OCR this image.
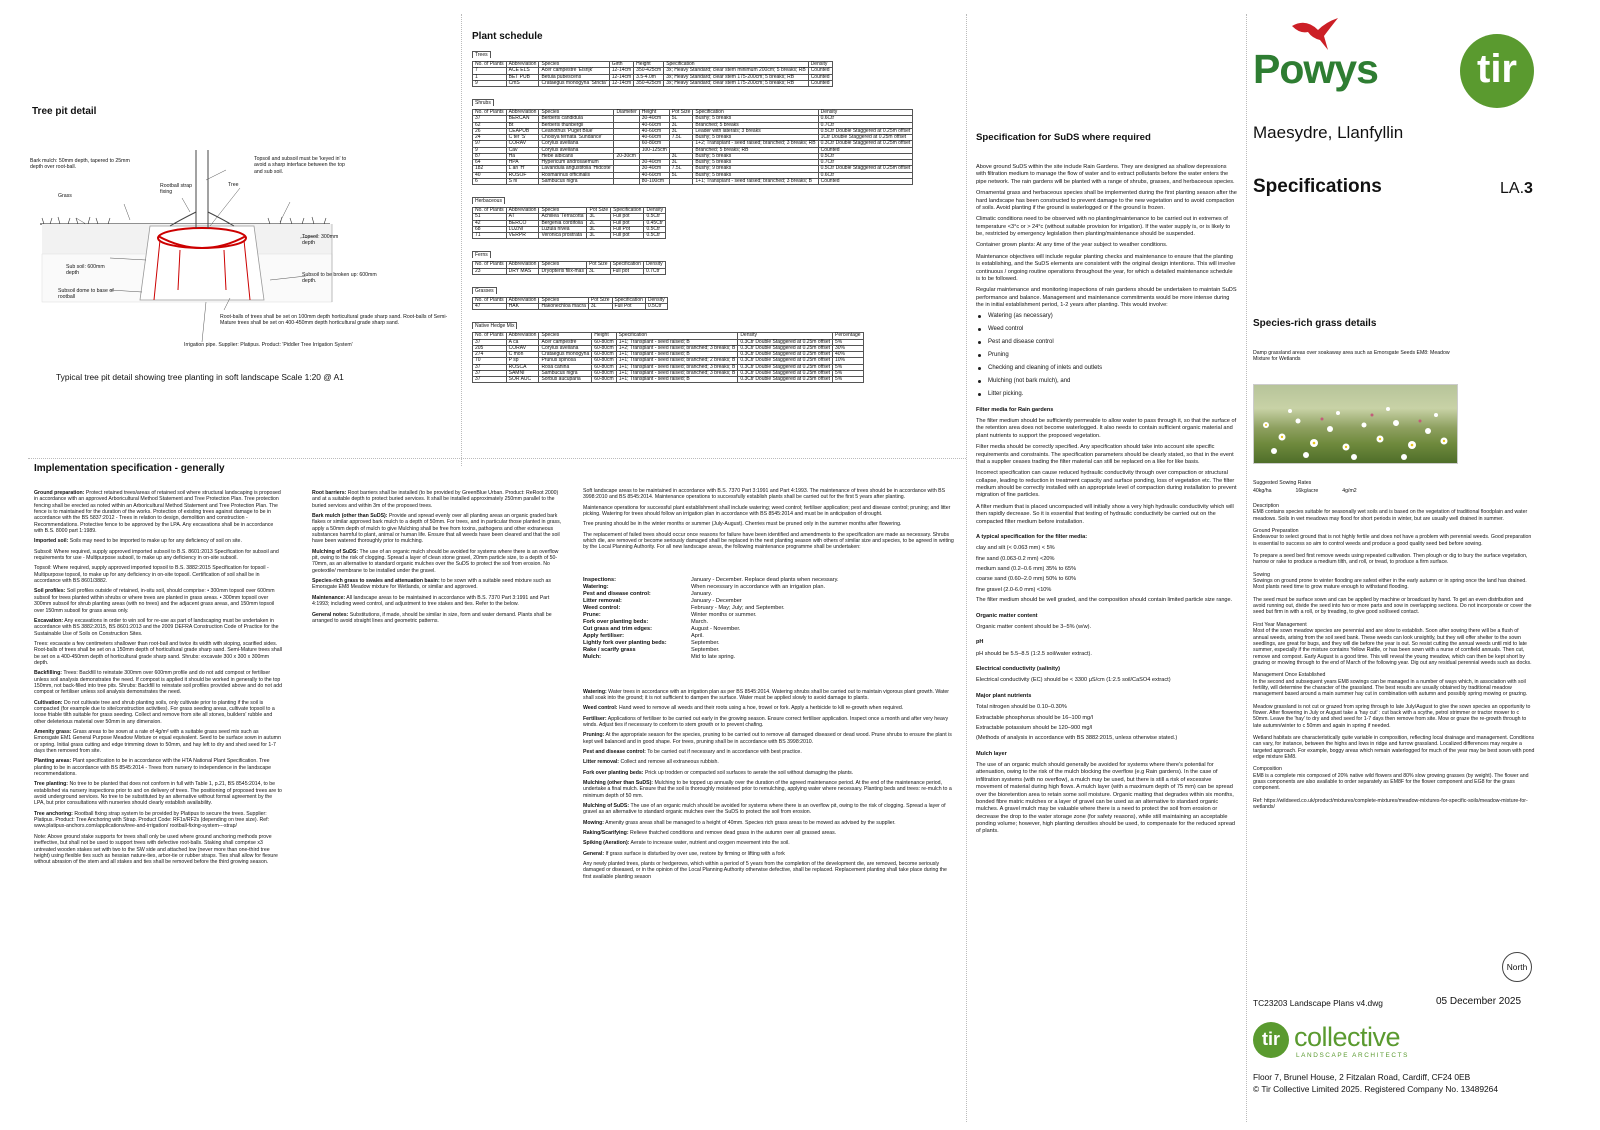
Tree pit detail
Bark mulch: 50mm depth, tapered to 25mm depth over root-ball.
Grass
Rootball strap fixing
Tree
Topsoil and subsoil must be 'keyed in' to avoid a sharp interface between the top and sub soil.
Topsoil: 300mm depth
Sub soil: 600mm depth
Subsoil dome to base of rootball
Subsoil to be broken up: 600mm depth.
Root-balls of trees shall be set on 100mm depth horticultural grade sharp sand. Root-balls of Semi-Mature trees shall be set on 400-450mm depth horticultural grade sharp sand.
Irrigation pipe. Supplier: Platipus. Product: 'Piddler Tree Irrigation System'
Typical tree pit detail showing tree planting in soft landscape Scale 1:20 @ A1
Plant schedule
Trees
No. of Plants	Abbreviation	Species	Girth	Height	Specification	Density
7	ACE ELS	Acer campestre 'Elsrijk'	12-14cm	350-425cm	3x; Heavy Standard; clear stem minimum 200cm; 5 breaks; RB	Counted
1	BET PUB	Betula pubescens	12-14cm	3.5-4.0m	3x; Heavy Standard; clear stem 175-200cm; 5 breaks; RB	Counted
9	CmS	Crataegus monogyna 'Stricta'	12-14cm	350-425cm	3x; Heavy Standard; clear stem 175-200cm; 5 breaks; RB	Counted
Shrubs
No. of Plants	Abbreviation	Species	Diameter	Height	Pot Size	Specification	Density
37	BERCAN	Berberis candidula		30-40cm	5L	Bushy; 5 breaks	0.6Ctr
62	Bt	Berberis thunbergii		40-60cm	3L	Branched; 5 breaks	0.7Ctr
26	CEAPUB	Ceanothus 'Puget Blue'		40-60cm	3L	Leader with laterals; 3 breaks	0.5Ctr Double Staggered at 0.25m offset
24	C ter 'S'	Choisya ternata 'Sundance'		40-60cm	7.5L	Bushy; 5 breaks	1Ctr Double Staggered at 0.25m offset
97	CORAV	Corylus avellana		60-80cm		1+2; Transplant - seed raised; branched; 3 breaks; RB	0.3Ctr Double Staggered at 0.25m offset
9	Cav	Corylus avellana		100-125cm		Branched; 5 breaks; RB	Counted
87	Ha	Hebe albicans	20-30cm		3L	Bushy; 5 breaks	0.5Ctr
64	HPA	Hypericum androsaemum		30-40cm	3L	Bushy; 5 breaks	0.7Ctr
182	L an 'H'	Lavandula angustifolia 'Hidcote'		30-40cm	7.5L	Bushy; 9 breaks	0.5Ctr Double Staggered at 0.25m offset
40	ROSOF	Rosmarinus officinalis		40-60cm	5L	Bushy; 5 breaks	0.6Ctr
6	S ni	Sambucus nigra		80-100cm		1+1; Transplant - seed raised; branched; 3 breaks; B	Counted
Herbaceous
No. of Plants	Abbreviation	Species	Pot Size	Specification	Density
51	AT	Achillea 'Terracotta'	3L	Full pot	0.5Ctr
42	BERCO	Bergenia cordifolia	2L	Full pot	0.45Ctr
68	LUZNI	Luzula nivea	3L	Full Pot	0.5Ctr
71	VERPR	Veronica prostrata	3L	Full pot	0.5Ctr
Ferns
No. of Plants	Abbreviation	Species	Pot Size	Specification	Density
23	DRY MAS	Dryopteris filix-mas	3L	Full pot	0.7Ctr
Grasses
No. of Plants	Abbreviation	Species	Pot Size	Specification	Density
47	HAK	Hakonechloa macra	3L	Full Pot	0.5Ctr
Native Hedge Mix
No. of Plants	Abbreviation	Species	Height	Specification	Density	Percentage
37	A ca	Acer campestre	60-80cm	1+1; Transplant - seed raised; B	0.3Ctr Double Staggered at 0.25m offset	5%
205	CORAV	Corylus avellana	60-80cm	1+2; Transplant - seed raised; branched; 3 breaks; B	0.3Ctr Double Staggered at 0.25m offset	30%
274	C mon	Crataegus monogyna	60-80cm	1+1; Transplant - seed raised; B	0.3Ctr Double Staggered at 0.25m offset	40%
70	P sp	Prunus spinosa	60-80cm	1+1; Transplant - seed raised; branched; 2 breaks; B	0.3Ctr Double Staggered at 0.25m offset	10%
37	ROSCA	Rosa canina	60-80cm	1+1; Transplant - seed raised; branched; 3 breaks; B	0.3Ctr Double Staggered at 0.25m offset	5%
37	SAMNI	Sambucus nigra	60-80cm	1+1; Transplant - seed raised; branched; 3 breaks; B	0.3Ctr Double Staggered at 0.25m offset	5%
37	SOR AUC	Sorbus aucuparia	60-80cm	1+1; Transplant - seed raised; B	0.3Ctr Double Staggered at 0.25m offset	5%
Implementation specification - generally
Ground preparation: Protect retained trees/areas of retained soil where structural landscaping is proposed in accordance with an approved Arboricultural Method Statement and Tree Protection Plan. Tree protection fencing shall be erected as noted within an Arboricultural Method Statement and Tree Protection Plan. The fence is to maintained for the duration of the works. Protection of existing trees against damage to be in accordance with the BS 5837:2012 - Trees in relation to design, demolition and construction - Recommendations. Protective fence to be approved by the LPA. Any excavations shall be in accordance with B.S. 8000 part 1:1989.
Imported soil: Soils may need to be imported to make up for any deficiency of soil on site.
Subsoil: Where required, supply approved imported subsoil to B.S. 8601:2013 Specification for subsoil and requirements for use - Multipurpose subsoil, to make up any deficiency in on-site subsoil.
Topsoil: Where required, supply approved imported topsoil to B.S. 3882:2015 Specification for topsoil - Multipurpose topsoil, to make up for any deficiency in on-site topsoil. Certification of soil shall be in accordance with BS 8601/3882.
Soil profiles: Soil profiles outside of retained, in-situ soil, should comprise: • 300mm topsoil over 600mm subsoil for trees planted within shrubs or where trees are planted in grass areas. • 300mm topsoil over 300mm subsoil for shrub planting areas (with no trees) and the adjacent grass areas, and 150mm topsoil over 150mm subsoil for grass areas only.
Excavation: Any excavations in order to win soil for re-use as part of landscaping must be undertaken in accordance with BS 3882:2015, BS 8601:2013 and the 2009 DEFRA Construction Code of Practice for the Sustainable Use of Soils on Construction Sites.
Trees: excavate a few centimeters shallower than root-ball and twice its width with sloping, scarified sides. Root-balls of trees shall be set on a 150mm depth of horticultural grade sharp sand. Semi-Mature trees shall be set on a 400-450mm depth of horticultural grade sharp sand. Shrubs: excavate 300 x 300 x 300mm depth.
Backfilling: Trees: Backfill to reinstate 300mm over 600mm profile and do not add compost or fertiliser unless soil analysis demonstrates the need. If compost is applied it should be worked in generally to the top 150mm, not back-filled into tree pits. Shrubs: Backfill to reinstate soil profiles provided above and do not add compost or fertiliser unless soil analysis demonstrates the need.
Cultivation: Do not cultivate tree and shrub planting soils, only cultivate prior to planting if the soil is compacted (for example due to site/construction activities). For grass seeding areas, cultivate topsoil to a loose friable tilth suitable for grass seeding. Collect and remove from site all stones, builders' rubble and other deleterious material over 50mm in any dimension.
Amenity grass: Grass areas to be sown at a rate of 4g/m² with a suitable grass seed mix such as Emorsgate EM1 General Purpose Meadow Mixture or equal equivalent. Seed to be surface sown in autumn or spring. Initial grass cutting and edge trimming down to 50mm, and hay left to dry and shed seed for 1-7 days then removed from site.
Planting areas: Plant specification to be in accordance with the HTA National Plant Specification. Tree planting to be in accordance with BS 8545:2014 - Trees from nursery to independence in the landscape recommendations.
Tree planting: No tree to be planted that does not conform in full with Table 1, p.21, BS 8545:2014, to be established via nursery inspections prior to and on delivery of trees. The positioning of proposed trees are to avoid underground services. No tree to be substituted by an alternative without formal agreement by the LPA, but prior consultations with nurseries should clearly establish availability.
Tree anchoring: Rootball fixing strap system to be provided by Platipus to secure the trees. Supplier: Platipus. Product: Tree Anchoring with Strap. Product Code: RF1s/RF2s (depending on tree size). Ref: www.platipus-anchors.com/applications/tree-and-irrigation/ rootball-fixing-system---strap/
Note: Above ground stake supports for trees shall only be used where ground anchoring methods prove ineffective, but shall not be used to support trees with defective root-balls. Staking shall comprise x3 untreated wooden stakes set with two to the SW side and attached low (never more than one-third tree height) using flexible ties such as hessian nature-ties, arbor-tie or rubber straps. Ties shall allow for flexure without abrasion of the stem and all stakes and ties shall be removed before the third growing season.
Root barriers: Root barriers shall be installed (to be provided by GreenBlue Urban. Product: ReRoot 2000) and at a suitable depth to protect buried services. It shall be installed approximately 250mm parallel to the buried services and within 3m of the proposed trees.
Bark mulch (other than SuDS): Provide and spread evenly over all planting areas an organic graded bark flakes or similar approved bark mulch to a depth of 50mm. For trees, and in particular those planted in grass, apply a 50mm depth of mulch to give Mulching shall be free from toxins, pathogens and other extraneous substances harmful to plant, animal or human life. Ensure that all weeds have been cleared and that the soil have been watered thoroughly prior to mulching.
Mulching of SuDS: The use of an organic mulch should be avoided for systems where there is an overflow pit, owing to the risk of clogging. Spread a layer of clean stone gravel, 20mm particle size, to a depth of 50-70mm, as an alternative to standard organic mulches over the SuDS to protect the soil from erosion. No geotextile/ membrane to be installed under the gravel.
Species-rich grass to swales and attenuation basin: to be sown with a suitable seed mixture such as Emorsgate EM8 Meadow mixture for Wetlands, or similar and approved.
Maintenance: All landscape areas to be maintained in accordance with B.S. 7370 Part 3:1991 and Part 4:1993; including weed control, and adjustment to tree stakes and ties. Refer to the below.
General notes: Substitutions, if made, should be similar in size, form and water demand. Plants shall be arranged to avoid straight lines and geometric patterns.
Soft landscape areas to be maintained in accordance with B.S. 7370 Part 3:1991 and Part 4:1993. The maintenance of trees should be in accordance with BS 3998:2010 and BS 8545:2014. Maintenance operations to successfully establish plants shall be carried out for the first 5 years after planting.
Maintenance operations for successful plant establishment shall include watering; weed control; fertiliser application; pest and disease control; pruning; and litter picking. Watering for trees should follow an irrigation plan in accordance with BS 8545:2014 and must be in anticipation of drought.
Tree pruning should be in the winter months or summer (July-August). Cherries must be pruned only in the summer months after flowering.
The replacement of failed trees should occur once reasons for failure have been identified and amendments to the specification are made as necessary. Shrubs which die, are removed or become seriously damaged shall be replaced in the next planting season with others of similar size and species, to be agreed in writing by the Local Planning Authority. For all new landscape areas, the following maintenance programme shall be undertaken:
Inspections:	January - December. Replace dead plants when necessary.
Watering:	When necessary in accordance with an irrigation plan.
Pest and disease control:	January.
Litter removal:	January - December
Weed control:	February - May; July; and September.
Prune:	Winter months or summer.
Fork over planting beds:	March.
Cut grass and trim edges:	August - November.
Apply fertiliser:	April.
Lightly fork over planting beds:	September.
Rake / scarify grass	September.
Mulch:	Mid to late spring.
Watering: Water trees in accordance with an irrigation plan as per BS 8545:2014. Watering shrubs shall be carried out to maintain vigorous plant growth. Water shall soak into the ground; it is not sufficient to dampen the surface. Water must be applied slowly to avoid damage to plants.
Weed control: Hand weed to remove all weeds and their roots using a hoe, trowel or fork. Apply a herbicide to kill re-growth when required.
Fertiliser: Applications of fertiliser to be carried out early in the growing season. Ensure correct fertiliser application. Inspect once a month and after very heavy winds. Adjust ties if necessary to conform to stem growth or to prevent chafing.
Pruning: At the appropriate season for the species, pruning to be carried out to remove all damaged diseased or dead wood. Prune shrubs to ensure the plant is kept well balanced and in good shape. For trees, pruning shall be in accordance with BS 3998:2010.
Pest and disease control: To be carried out if necessary and in accordance with best practice.
Litter removal: Collect and remove all extraneous rubbish.
Fork over planting beds: Prick up trodden or compacted soil surfaces to aerate the soil without damaging the plants.
Mulching (other than SuDS): Mulching to be topped up annually over the duration of the agreed maintenance period. At the end of the maintenance period, undertake a final mulch. Ensure that the soil is thoroughly moistened prior to remulching, applying water where necessary. Planting beds and trees: re-mulch to a minimum depth of 50 mm.
Mulching of SuDS: The use of an organic mulch should be avoided for systems where there is an overflow pit, owing to the risk of clogging. Spread a layer of gravel as an alternative to standard organic mulches over the SuDS to protect the soil from erosion.
Mowing: Amenity grass areas shall be managed to a height of 40mm. Species rich grass areas to be mowed as advised by the supplier.
Raking/Scarifying: Relieve thatched conditions and remove dead grass in the autumn over all grassed areas.
Spiking (Aeration): Aerate to increase water, nutrient and oxygen movement into the soil.
General: If grass surface is disturbed by over use, restore by firming or lifting with a fork
Any newly planted trees, plants or hedgerows, which within a period of 5 years from the completion of the development die, are removed, become seriously damaged or diseased, or in the opinion of the Local Planning Authority otherwise defective, shall be replaced. Replacement planting shall take place during the first available planting season
Specification for SuDS where required
Above ground SuDS within the site include Rain Gardens. They are designed as shallow depressions with filtration medium to manage the flow of water and to extract pollutants before the water enters the pipe network. The rain gardens will be planted with a range of shrubs, grasses, and herbaceous species.
Ornamental grass and herbaceous species shall be implemented during the first planting season after the hard landscape has been constructed to prevent damage to the new vegetation and to avoid compaction of soils. Avoid planting if the ground is waterlogged or if the ground is frozen.
Climatic conditions need to be observed with no planting/maintenance to be carried out in extremes of temperature <3°c or > 24°c (without suitable provision for irrigation). If the water supply is, or is likely to be, restricted by emergency legislation then planting/maintenance should be suspended.
Container grown plants: At any time of the year subject to weather conditions.
Maintenance objectives will include regular planting checks and maintenance to ensure that the planting is establishing, and the SuDS elements are consistent with the original design intentions. This will involve continuous / ongoing routine operations throughout the year, for which a detailed maintenance schedule is to be followed.
Regular maintenance and monitoring inspections of rain gardens should be undertaken to maintain SuDS performance and balance. Management and maintenance commitments would be more intense during the in initial establishment period, 1-2 years after planting. This would involve:
Watering (as necessary)
Weed control
Pest and disease control
Pruning
Checking and cleaning of inlets and outlets
Mulching (not bark mulch), and
Litter picking.
Filter media for Rain gardens
The filter medium should be sufficiently permeable to allow water to pass through it, so that the surface of the retention area does not become waterlogged. It also needs to contain sufficient organic material and plant nutrients to support the proposed vegetation.
Filter media should be correctly specified. Any specification should take into account site specific requirements and constraints. The specification parameters should be clearly stated, so that in the event that a supplier ceases trading the filter material can still be replaced on a like for like basis.
Incorrect specification can cause reduced hydraulic conductivity through over compaction or structural collapse, leading to reduction in treatment capacity and surface ponding, loss of vegetation etc. The filter medium should be correctly installed with an appropriate level of compaction during installation to prevent migration of fine particles.
A filter medium that is placed uncompacted will initially show a very high hydraulic conductivity which will then rapidly decrease. So it is essential that testing of hydraulic conductivity be carried out on the compacted filter medium before installation.
A typical specification for the filter media:
clay and silt (< 0.063 mm) < 5%
fine sand (0.063-0.2 mm) <20%
medium sand (0.2–0.6 mm) 35% to 65%
coarse sand (0.60–2.0 mm) 50% to 60%
fine gravel (2.0-6.0 mm) <10%
The filter medium should be well graded, and the composition should contain limited particle size range.
Organic matter content
Organic matter content should be 3–5% (w/w).
pH
pH should be 5.5–8.5 (1:2.5 soil/water extract).
Electrical conductivity (salinity)
Electrical conductivity (EC) should be < 3300 µS/cm (1:2.5 soil/CaSO4 extract)
Major plant nutrients
Total nitrogen should be 0.10–0.30%
Extractable phosphorus should be 16–100 mg/l
Extractable potassium should be 120–900 mg/l
(Methods of analysis in accordance with BS 3882:2015, unless otherwise stated.)
Mulch layer
The use of an organic mulch should generally be avoided for systems where there's potential for attenuation, owing to the risk of the mulch blocking the overflow (e.g Rain gardens). In the case of infiltration systems (with no overflow), a mulch may be used, but there is still a risk of excessive movement of material during high flows. A mulch layer (with a maximum depth of 75 mm) can be spread over the bioretention area to retain some soil moisture. Organic matting that degrades within six months, bonded fibre matric mulches or a layer of gravel can be used as an alternative to standard organic mulches. A gravel mulch may be valuable where there is a need to protect the soil from erosion or decrease the drop to the water storage zone (for safety reasons), while still maintaining an acceptable ponding volume; however, high planting densities should be used, to compensate for the reduced spread of plants.
Powys	tir
Maesydre, Llanfyllin
Specifications	LA.3
Species-rich grass details
Damp grassland areas over soakaway area such as Emorsgate Seeds EM8: Meadow Mixture for Wetlands
Suggested Sowing Rates
40kg/ha	16kg/acre	4g/m2
Description
EM8 contains species suitable for seasonally wet soils and is based on the vegetation of traditional floodplain and water meadows. Soils in wet meadows may flood for short periods in winter, but are usually well drained in summer.
Ground Preparation
Endeavour to select ground that is not highly fertile and does not have a problem with perennial weeds. Good preparation is essential to success so aim to control weeds and produce a good quality seed bed before sowing.
To prepare a seed bed first remove weeds using repeated cultivation. Then plough or dig to bury the surface vegetation, harrow or rake to produce a medium tilth, and roll, or tread, to produce a firm surface.
Sowing
Sowings on ground prone to winter flooding are safest either in the early autumn or in spring once the land has drained. Most plants need time to grow mature enough to withstand flooding.
The seed must be surface sown and can be applied by machine or broadcast by hand. To get an even distribution and avoid running out, divide the seed into two or more parts and sow in overlapping sections. Do not incorporate or cover the seed but firm in with a roll, or by treading, to give good soil/seed contact.
First Year Management
Most of the sown meadow species are perennial and are slow to establish. Soon after sowing there will be a flush of annual weeds, arising from the soil seed bank. These weeds can look unsightly, but they will offer shelter to the sown seedlings, are great for bugs, and they will die before the year is out. So resist cutting the annual weeds until mid to late summer, especially if the mixture contains Yellow Rattle, or has been sown with a nurse of cornfield annuals. Then cut, remove and compost. Early August is a good time. This will reveal the young meadow, which can then be kept short by grazing or mowing through to the end of March of the following year. Dig out any residual perennial weeds such as docks.
Management Once Established
In the second and subsequent years EM8 sowings can be managed in a number of ways which, in association with soil fertility, will determine the character of the grassland. The best results are usually obtained by traditional meadow management based around a main summer hay cut in combination with autumn and possibly spring mowing or grazing.
Meadow grassland is not cut or grazed from spring through to late July/August to give the sown species an opportunity to flower. After flowering in July or August take a 'hay cut' : cut back with a scythe, petrol strimmer or tractor mower to c 50mm. Leave the 'hay' to dry and shed seed for 1-7 days then remove from site. Mow or graze the re-growth through to late autumn/winter to c 50mm and again in spring if needed.
Wetland habitats are characteristically quite variable in composition, reflecting local drainage and management. Conditions can vary, for instance, between the highs and lows in ridge and furrow grassland. Localized differences may require a targeted approach. For example, boggy areas which remain waterlogged for much of the year may be best sown with pond edge mixture EM8.
Composition
EM8 is a complete mix composed of 20% native wild flowers and 80% slow growing grasses (by weight). The flower and grass components are also available to order separately as EM8F for the flower component and EG8 for the grass component.
Ref: https://wildseed.co.uk/product/mixtures/complete-mixtures/meadow-mixtures-for-specific-soils/meadow-mixture-for-wetlands/
North
TC23203 Landscape Plans v4.dwg	05 December 2025
tir collective
LANDSCAPE ARCHITECTS
Floor 7, Brunel House, 2 Fitzalan Road, Cardiff, CF24 0EB
© Tir Collective Limited 2025. Registered Company No. 13489264
